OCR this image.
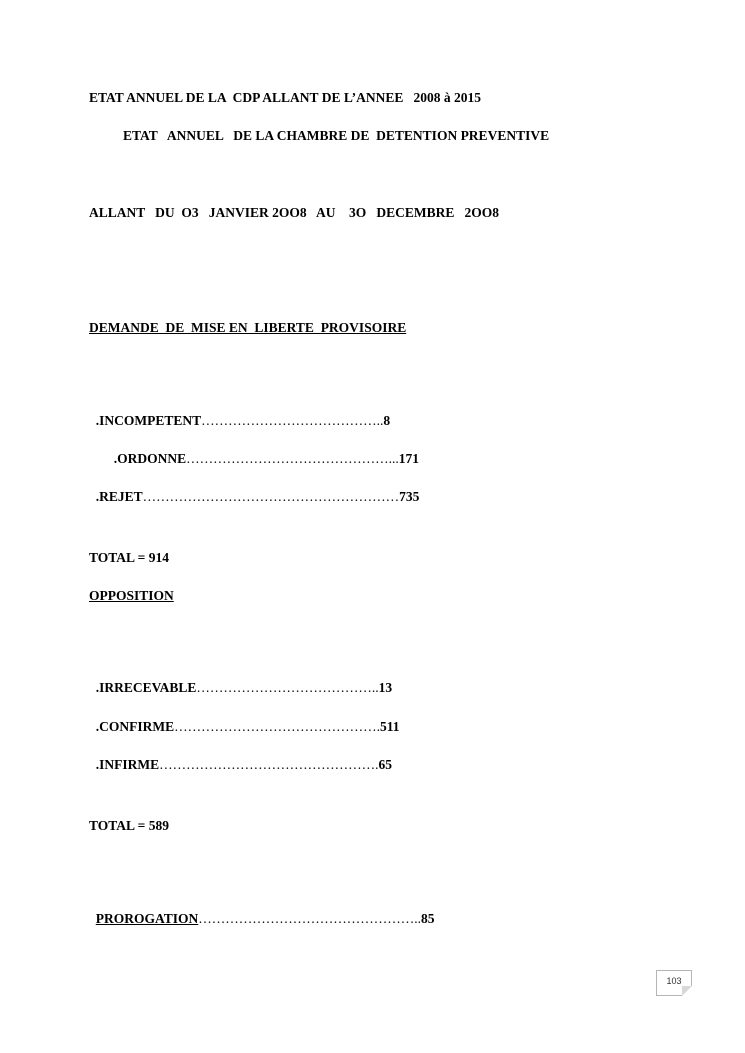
ETAT ANNUEL DE LA  CDP ALLANT DE L’ANNEE   2008 à 2015
ETAT   ANNUEL   DE LA CHAMBRE DE  DETENTION PREVENTIVE
ALLANT   DU  O3   JANVIER 2OO8   AU    3O   DECEMBRE   2OO8
DEMANDE  DE  MISE EN  LIBERTE  PROVISOIRE

.INCOMPETENT…………………………………..8

.ORDONNE………………………………………...171

.REJET…………………………………………………735

TOTAL = 914
OPPOSITION

.IRRECEVABLE…………………………………..13

.CONFIRME……………………………………….511

.INFIRME………………………………………….65

TOTAL = 589

PROROGATION…………………………………………..85

103
